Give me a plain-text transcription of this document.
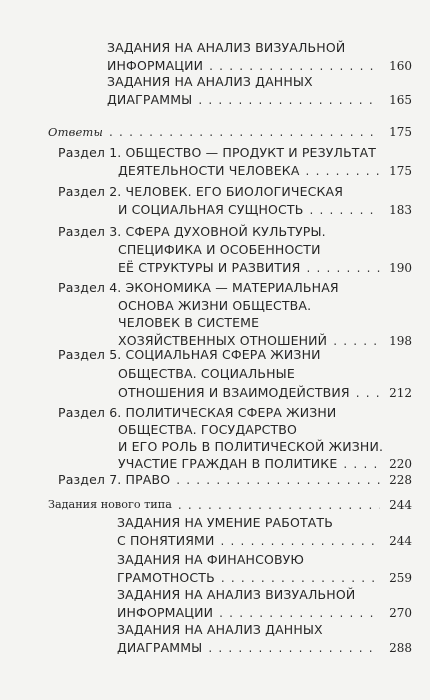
ЗАДАНИЯ НА АНАЛИЗ ВИЗУАЛЬНОЙ
ИНФОРМАЦИИ . . .	160
ЗАДАНИЯ НА АНАЛИЗ ДАННЫХ
ДИАГРАММЫ . . .	165
Ответы . . .	175
Раздел 1. ОБЩЕСТВО — ПРОДУКТ И РЕЗУЛЬТАТ
ДЕЯТЕЛЬНОСТИ ЧЕЛОВЕКА . . .	175
Раздел 2. ЧЕЛОВЕК. ЕГО БИОЛОГИЧЕСКАЯ
И СОЦИАЛЬНАЯ СУЩНОСТЬ . . .	183
Раздел 3. СФЕРА ДУХОВНОЙ КУЛЬТУРЫ.
СПЕЦИФИКА И ОСОБЕННОСТИ
ЕЁ СТРУКТУРЫ И РАЗВИТИЯ . . .	190
Раздел 4. ЭКОНОМИКА — МАТЕРИАЛЬНАЯ
ОСНОВА ЖИЗНИ ОБЩЕСТВА.
ЧЕЛОВЕК В СИСТЕМЕ
ХОЗЯЙСТВЕННЫХ ОТНОШЕНИЙ . . .	198
Раздел 5. СОЦИАЛЬНАЯ СФЕРА ЖИЗНИ
ОБЩЕСТВА. СОЦИАЛЬНЫЕ
ОТНОШЕНИЯ И ВЗАИМОДЕЙСТВИЯ . . .	212
Раздел 6. ПОЛИТИЧЕСКАЯ СФЕРА ЖИЗНИ
ОБЩЕСТВА. ГОСУДАРСТВО
И ЕГО РОЛЬ В ПОЛИТИЧЕСКОЙ ЖИЗНИ.
УЧАСТИЕ ГРАЖДАН В ПОЛИТИКЕ . . .	220
Раздел 7. ПРАВО . . .	228
Задания нового типа . . .	244
ЗАДАНИЯ НА УМЕНИЕ РАБОТАТЬ
С ПОНЯТИЯМИ . . .	244
ЗАДАНИЯ НА ФИНАНСОВУЮ
ГРАМОТНОСТЬ . . .	259
ЗАДАНИЯ НА АНАЛИЗ ВИЗУАЛЬНОЙ
ИНФОРМАЦИИ . . .	270
ЗАДАНИЯ НА АНАЛИЗ ДАННЫХ
ДИАГРАММЫ . . .	288
